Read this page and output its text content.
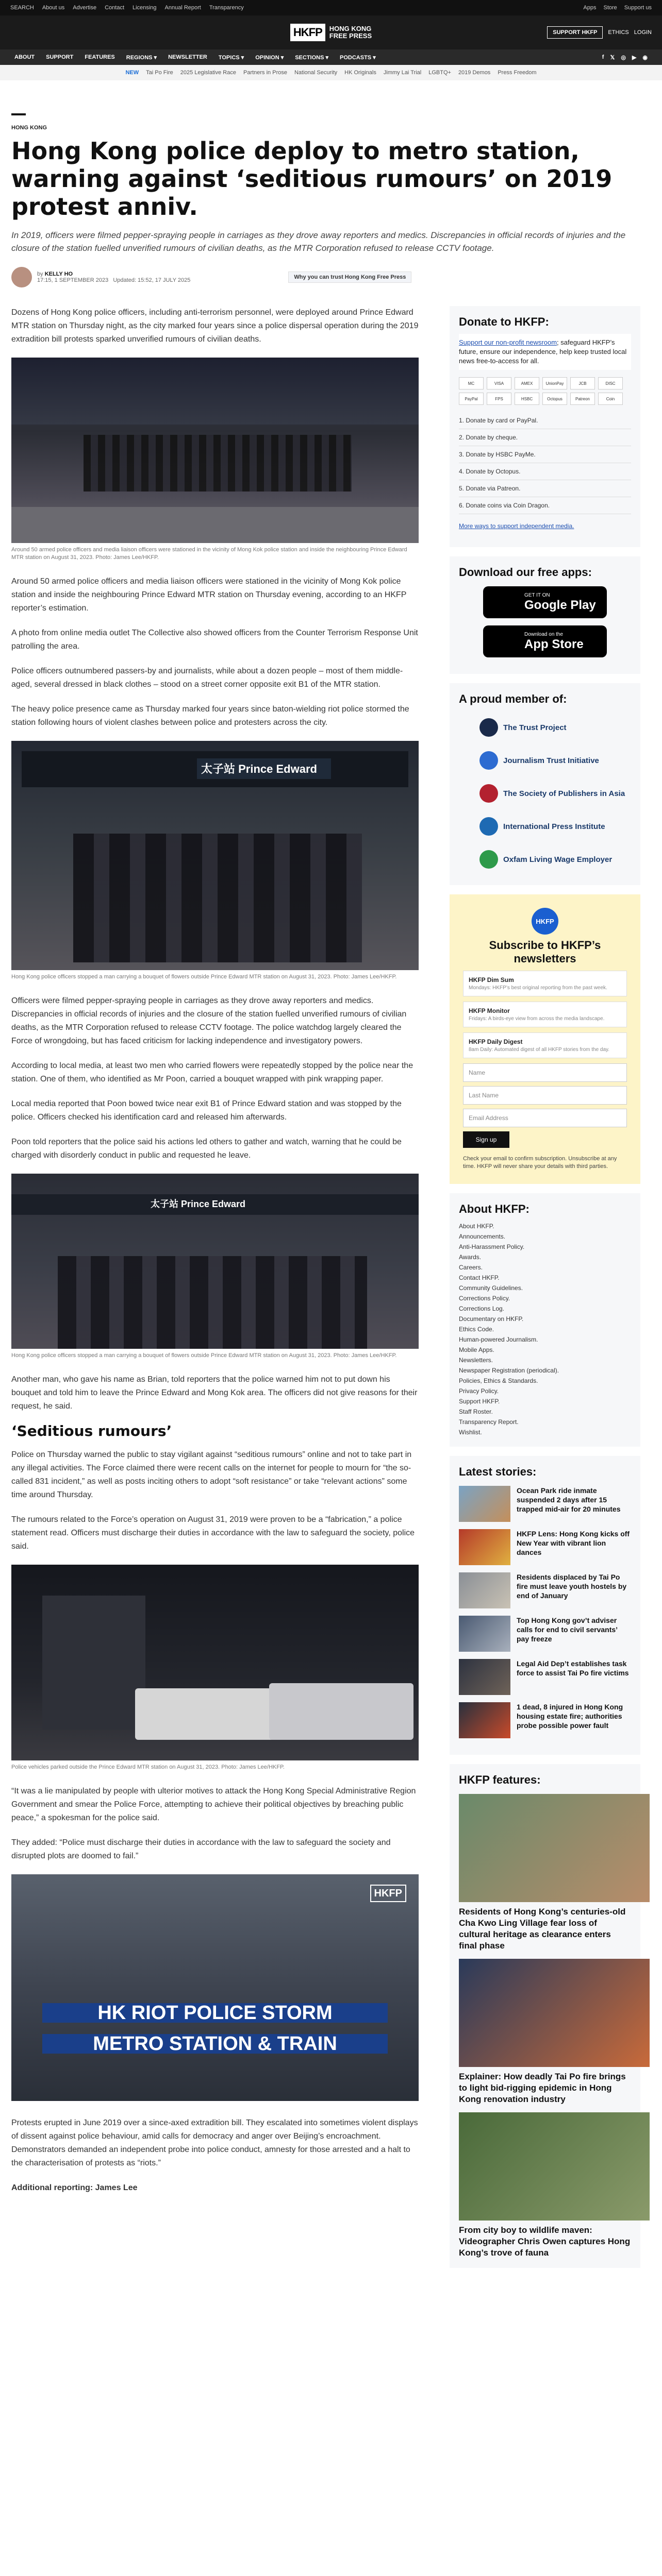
SEARCH About us Advertise Contact Licensing Annual Report Transparency	Apps Store Support us
HKFP	HONG KONG
FREE PRESS	SUPPORT HKFP	ETHICS LOGIN
ABOUT SUPPORT FEATURES REGIONS ▾ NEWSLETTER TOPICS ▾ OPINION ▾ SECTIONS ▾ PODCASTS ▾	f 𝕏 ◎ ▶ ◉
NEW Tai Po Fire 2025 Legislative Race Partners in Prose National Security HK Originals Jimmy Lai Trial LGBTQ+ 2019 Demos Press Freedom
HONG KONG
Hong Kong police deploy to metro station, warning against ‘seditious rumours’ on 2019 protest anniv.

In 2019, officers were filmed pepper-spraying people in carriages as they drove away reporters and medics. Discrepancies in official records of injuries and the closure of the station fuelled unverified rumours of civilian deaths, as the MTR Corporation refused to release CCTV footage.

by KELLY HO
17:15, 1 SEPTEMBER 2023 Updated: 15:52, 17 JULY 2025	Why you can trust Hong Kong Free Press

Dozens of Hong Kong police officers, including anti-terrorism personnel, were deployed around Prince Edward MTR station on Thursday night, as the city marked four years since a police dispersal operation during the 2019 extradition bill protests sparked unverified rumours of civilian deaths.

Around 50 armed police officers and media liaison officers were stationed in the vicinity of Mong Kok police station and inside the neighbouring Prince Edward MTR station on August 31, 2023. Photo: James Lee/HKFP.

Around 50 armed police officers and media liaison officers were stationed in the vicinity of Mong Kok police station and inside the neighbouring Prince Edward MTR station on Thursday evening, according to an HKFP reporter’s estimation.

A photo from online media outlet The Collective also showed officers from the Counter Terrorism Response Unit patrolling the area.

Police officers outnumbered passers-by and journalists, while about a dozen people – most of them middle-aged, several dressed in black clothes – stood on a street corner opposite exit B1 of the MTR station.

The heavy police presence came as Thursday marked four years since baton-wielding riot police stormed the station following hours of violent clashes between police and protesters across the city.

太子站 Prince Edward
Hong Kong police officers stopped a man carrying a bouquet of flowers outside Prince Edward MTR station on August 31, 2023. Photo: James Lee/HKFP.

Officers were filmed pepper-spraying people in carriages as they drove away reporters and medics. Discrepancies in official records of injuries and the closure of the station fuelled unverified rumours of civilian deaths, as the MTR Corporation refused to release CCTV footage. The police watchdog largely cleared the Force of wrongdoing, but has faced criticism for lacking independence and investigatory powers.

According to local media, at least two men who carried flowers were repeatedly stopped by the police near the station. One of them, who identified as Mr Poon, carried a bouquet wrapped with pink wrapping paper.

Local media reported that Poon bowed twice near exit B1 of Prince Edward station and was stopped by the police. Officers checked his identification card and released him afterwards.

Poon told reporters that the police said his actions led others to gather and watch, warning that he could be charged with disorderly conduct in public and requested he leave.

太子站 Prince Edward
Hong Kong police officers stopped a man carrying a bouquet of flowers outside Prince Edward MTR station on August 31, 2023. Photo: James Lee/HKFP.

Another man, who gave his name as Brian, told reporters that the police warned him not to put down his bouquet and told him to leave the Prince Edward and Mong Kok area. The officers did not give reasons for their request, he said.

‘Seditious rumours’

Police on Thursday warned the public to stay vigilant against “seditious rumours” online and not to take part in any illegal activities. The Force claimed there were recent calls on the internet for people to mourn for “the so-called 831 incident,” as well as posts inciting others to adopt “soft resistance” or take “relevant actions” some time around Thursday.

The rumours related to the Force’s operation on August 31, 2019 were proven to be a “fabrication,” a police statement read. Officers must discharge their duties in accordance with the law to safeguard the society, police said.

Police vehicles parked outside the Prince Edward MTR station on August 31, 2023. Photo: James Lee/HKFP.

“It was a lie manipulated by people with ulterior motives to attack the Hong Kong Special Administrative Region Government and smear the Police Force, attempting to achieve their political objectives by breaching public peace,” a spokesman for the police said.

They added: “Police must discharge their duties in accordance with the law to safeguard the society and disrupted plots are doomed to fail.”

HKFP
HK RIOT POLICE STORM
METRO STATION & TRAIN

Protests erupted in June 2019 over a since-axed extradition bill. They escalated into sometimes violent displays of dissent against police behaviour, amid calls for democracy and anger over Beijing’s encroachment. Demonstrators demanded an independent probe into police conduct, amnesty for those arrested and a halt to the characterisation of protests as “riots.”

Additional reporting: James Lee

Donate to HKFP:
Support our non-profit newsroom; safeguard HKFP’s future, ensure our independence, help keep trusted local news free-to-access for all.
MC	VISA	AMEX	UnionPay	JCB	DISC
PayPal	FPS	HSBC	Octopus	Patreon	Coin
1. Donate by card or PayPal.
2. Donate by cheque.
3. Donate by HSBC PayMe.
4. Donate by Octopus.
5. Donate via Patreon.
6. Donate coins via Coin Dragon.
More ways to support independent media.
Download our free apps:
GET IT ON
Google Play
Download on the
App Store
A proud member of:
The Trust Project
Journalism Trust Initiative
The Society of Publishers in Asia
International Press Institute
Oxfam Living Wage Employer
HKFP
Subscribe to HKFP’s newsletters
HKFP Dim Sum
Mondays: HKFP’s best original reporting from the past week.
HKFP Monitor
Fridays: A birds-eye view from across the media landscape.
HKFP Daily Digest
8am Daily: Automated digest of all HKFP stories from the day.
Name
Last Name
Email Address
Sign up

Check your email to confirm subscription. Unsubscribe at any time. HKFP will never share your details with third parties.

About HKFP:
About HKFP.
Announcements.
Anti-Harassment Policy.
Awards.
Careers.
Contact HKFP.
Community Guidelines.
Corrections Policy.
Corrections Log.
Documentary on HKFP.
Ethics Code.
Human-powered Journalism.
Mobile Apps.
Newsletters.
Newspaper Registration (periodical).
Policies, Ethics & Standards.
Privacy Policy.
Support HKFP.
Staff Roster.
Transparency Report.
Wishlist.
Latest stories:
Ocean Park ride inmate suspended 2 days after 15 trapped mid-air for 20 minutes
HKFP Lens: Hong Kong kicks off New Year with vibrant lion dances
Residents displaced by Tai Po fire must leave youth hostels by end of January
Top Hong Kong gov’t adviser calls for end to civil servants’ pay freeze
Legal Aid Dep’t establishes task force to assist Tai Po fire victims
1 dead, 8 injured in Hong Kong housing estate fire; authorities probe possible power fault
HKFP features:
Residents of Hong Kong’s centuries-old Cha Kwo Ling Village fear loss of cultural heritage as clearance enters final phase
Explainer: How deadly Tai Po fire brings to light bid-rigging epidemic in Hong Kong renovation industry
From city boy to wildlife maven: Videographer Chris Owen captures Hong Kong’s trove of fauna
